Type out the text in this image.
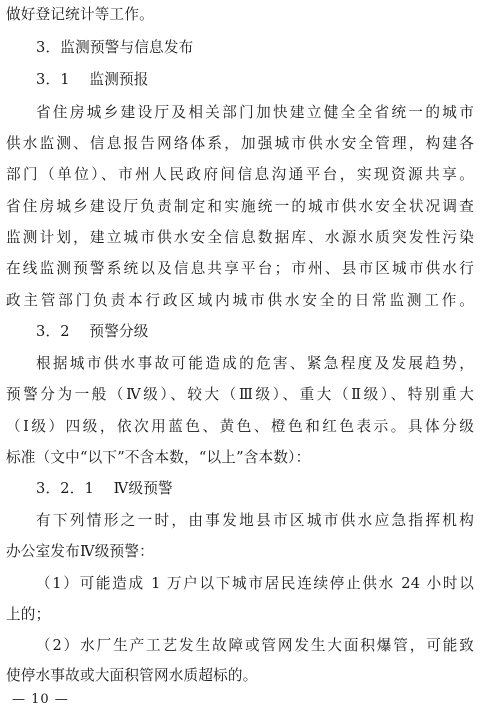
做好登记统计等工作。
3．监测预警与信息发布
3．1　 监测预报
省住房城乡建设厅及相关部门加快建立健全全省统一的城市
供水监测、信息报告网络体系，加强城市供水安全管理，构建各
部门（单位）、市州人民政府间信息沟通平台，实现资源共享。
省住房城乡建设厅负责制定和实施统一的城市供水安全状况调查
监测计划，建立城市供水安全信息数据库、水源水质突发性污染
在线监测预警系统以及信息共享平台；市州、县市区城市供水行
政主管部门负责本行政区域内城市供水安全的日常监测工作。
3．2　 预警分级
根据城市供水事故可能造成的危害、紧急程度及发展趋势，
预警分为一般（Ⅳ级）、较大（Ⅲ级）、重大（Ⅱ级）、特别重大
（Ⅰ级）四级，依次用蓝色、黄色、橙色和红色表示。具体分级
标准（文中“以下”不含本数，“以上”含本数）：
3．2．1　 Ⅳ级预警
有下列情形之一时，由事发地县市区城市供水应急指挥机构
办公室发布Ⅳ级预警：
（1）可能造成 1 万户以下城市居民连续停止供水 24 小时以
上的；
（2）水厂生产工艺发生故障或管网发生大面积爆管，可能致
使停水事故或大面积管网水质超标的。
— 10 —
